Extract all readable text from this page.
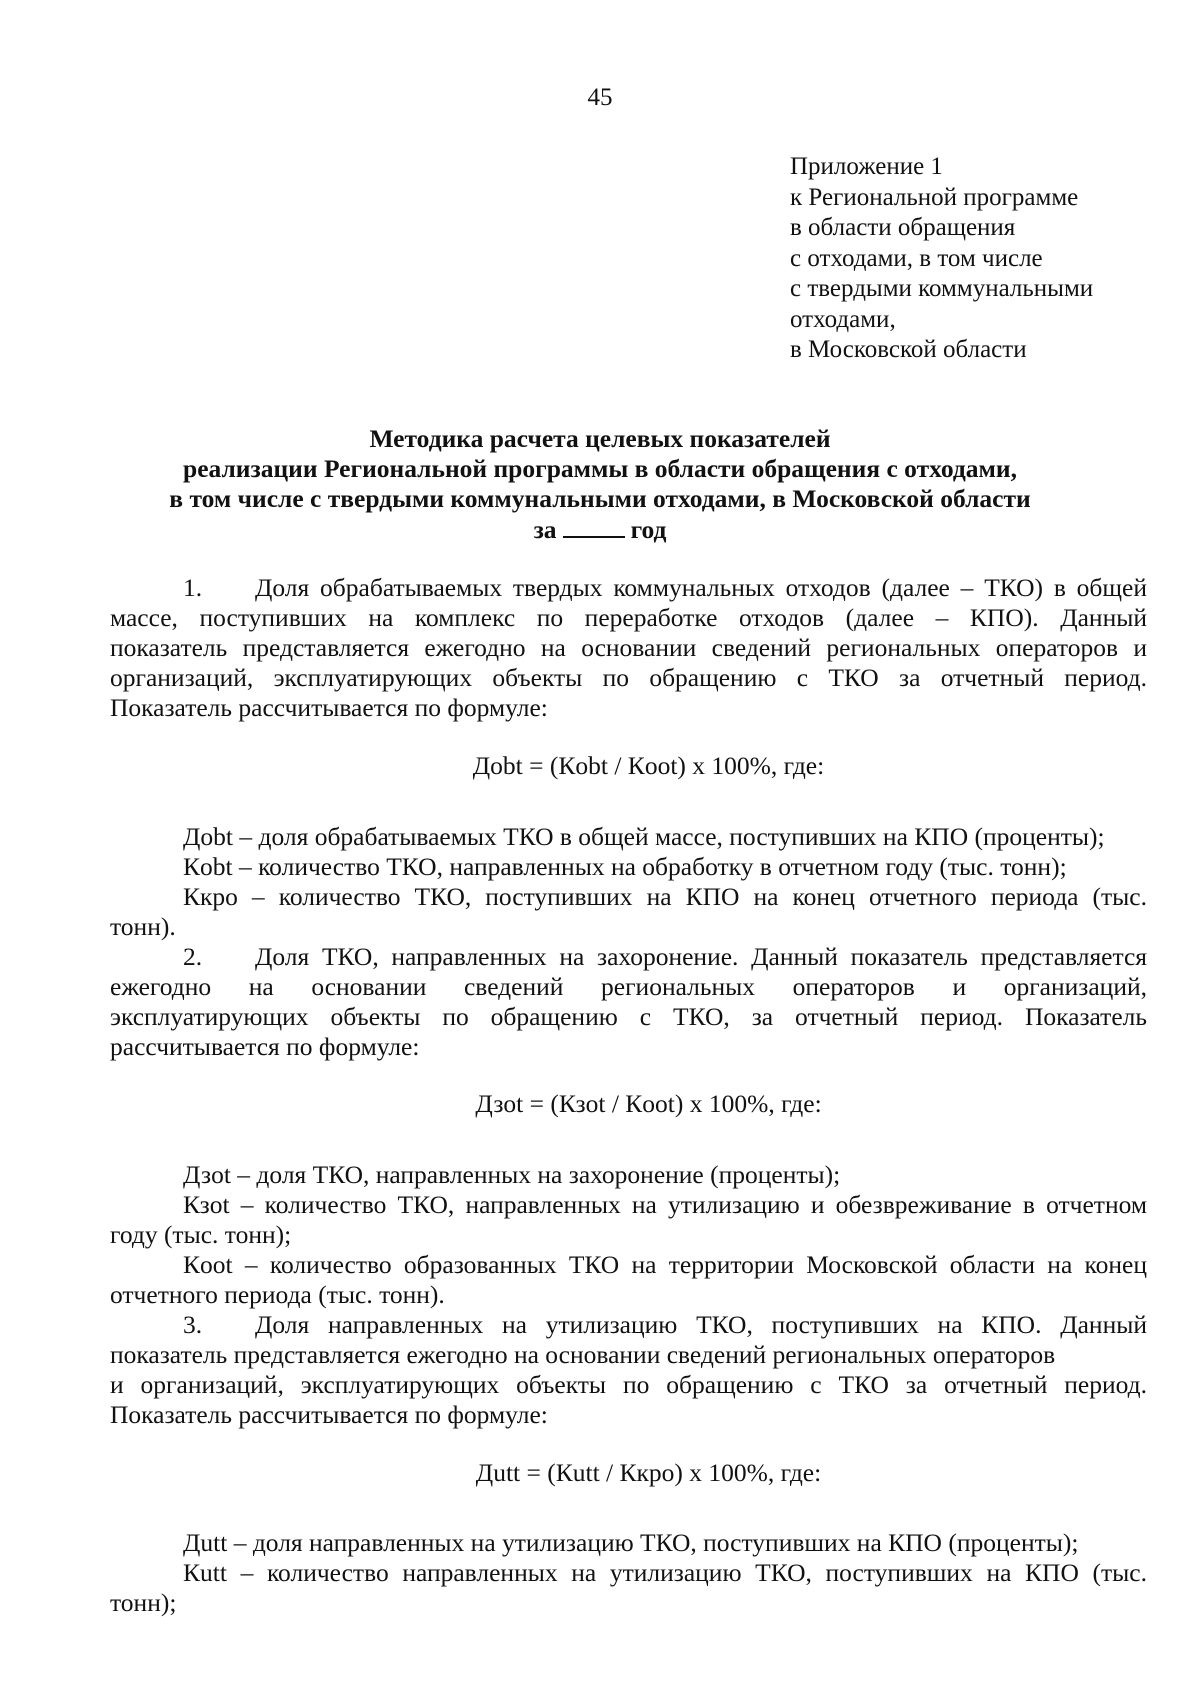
45
Приложение 1
к Региональной программе
в области обращения
с отходами, в том числе
с твердыми коммунальными
отходами,
в Московской области
Методика расчета целевых показателей
реализации Региональной программы в области обращения с отходами,
в том числе с твердыми коммунальными отходами, в Московской области
за	год
1. Доля обрабатываемых твердых коммунальных отходов (далее – ТКО) в общей
массе, поступивших на комплекс по переработке отходов (далее – КПО). Данный
показатель представляется ежегодно на основании сведений региональных операторов и
организаций, эксплуатирующих объекты по обращению с ТКО за отчетный период.
Показатель рассчитывается по формуле:
Дobt = (Кobt / Кoot) х 100%, где:
Дobt – доля обрабатываемых ТКО в общей массе, поступивших на КПО (проценты);
Кobt – количество ТКО, направленных на обработку в отчетном году (тыс. тонн);
Ккро – количество ТКО, поступивших на КПО на конец отчетного периода (тыс.
тонн).
2. Доля ТКО, направленных на захоронение. Данный показатель представляется
ежегодно на основании сведений региональных операторов и организаций,
эксплуатирующих объекты по обращению с ТКО, за отчетный период. Показатель
рассчитывается по формуле:
Дзot = (Кзot / Кoot) х 100%, где:
Дзot – доля ТКО, направленных на захоронение (проценты);
Кзot – количество ТКО, направленных на утилизацию и обезвреживание в отчетном
году (тыс. тонн);
Кoot – количество образованных ТКО на территории Московской области на конец
отчетного периода (тыс. тонн).
3. Доля направленных на утилизацию ТКО, поступивших на КПО. Данный
показатель представляется ежегодно на основании сведений региональных операторов
и организаций, эксплуатирующих объекты по обращению с ТКО за отчетный период.
Показатель рассчитывается по формуле:
Дutt = (Кutt / Ккро) х 100%, где:
Дutt – доля направленных на утилизацию ТКО, поступивших на КПО (проценты);
Кutt – количество направленных на утилизацию ТКО, поступивших на КПО (тыс.
тонн);
